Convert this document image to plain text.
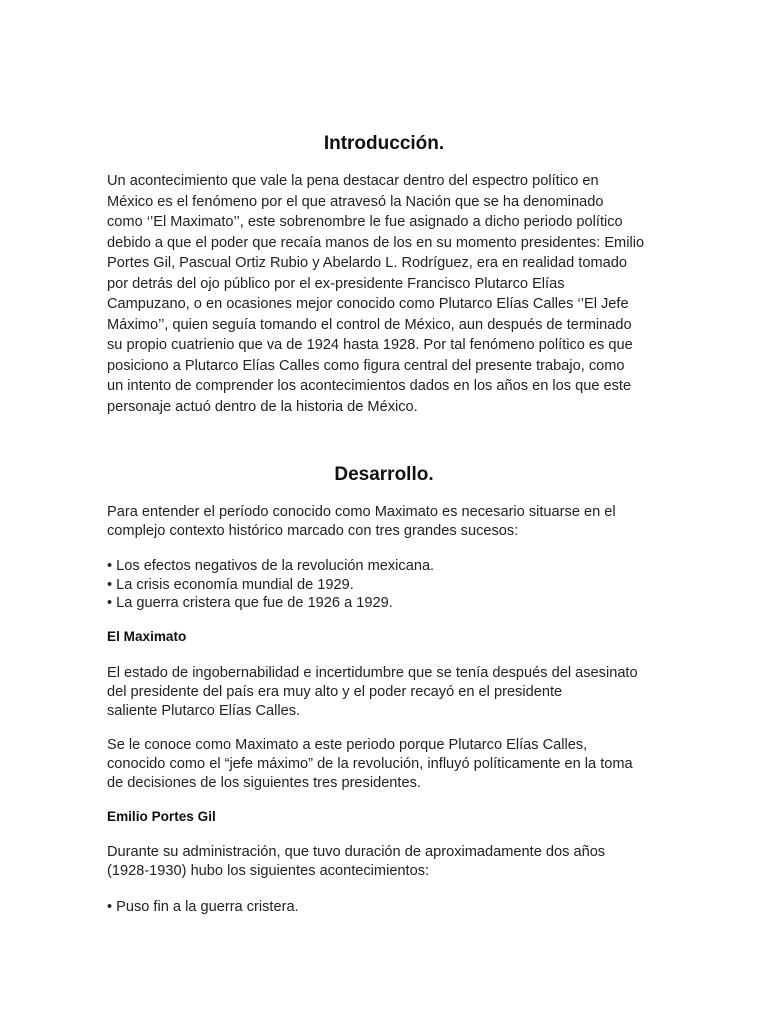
Introducción.
Un acontecimiento que vale la pena destacar dentro del espectro político en
México es el fenómeno por el que atravesó la Nación que se ha denominado
como ‘’El Maximato’’, este sobrenombre le fue asignado a dicho periodo político
debido a que el poder que recaía manos de los en su momento presidentes: Emilio
Portes Gil, Pascual Ortiz Rubio y Abelardo L. Rodríguez, era en realidad tomado
por detrás del ojo público por el ex-presidente Francisco Plutarco Elías
Campuzano, o en ocasiones mejor conocido como Plutarco Elías Calles ‘’El Jefe
Máximo’’, quien seguía tomando el control de México, aun después de terminado
su propio cuatrienio que va de 1924 hasta 1928. Por tal fenómeno político es que
posiciono a Plutarco Elías Calles como figura central del presente trabajo, como
un intento de comprender los acontecimientos dados en los años en los que este
personaje actuó dentro de la historia de México.
Desarrollo.
Para entender el período conocido como Maximato es necesario situarse en el
complejo contexto histórico marcado con tres grandes sucesos:
• Los efectos negativos de la revolución mexicana.
• La crisis economía mundial de 1929.
• La guerra cristera que fue de 1926 a 1929.
El Maximato
El estado de ingobernabilidad e incertidumbre que se tenía después del asesinato
del presidente del país era muy alto y el poder recayó en el presidente
saliente Plutarco Elías Calles.
Se le conoce como Maximato a este periodo porque Plutarco Elías Calles,
conocido como el “jefe máximo” de la revolución, influyó políticamente en la toma
de decisiones de los siguientes tres presidentes.
Emilio Portes Gil
Durante su administración, que tuvo duración de aproximadamente dos años
(1928-1930) hubo los siguientes acontecimientos:
• Puso fin a la guerra cristera.
